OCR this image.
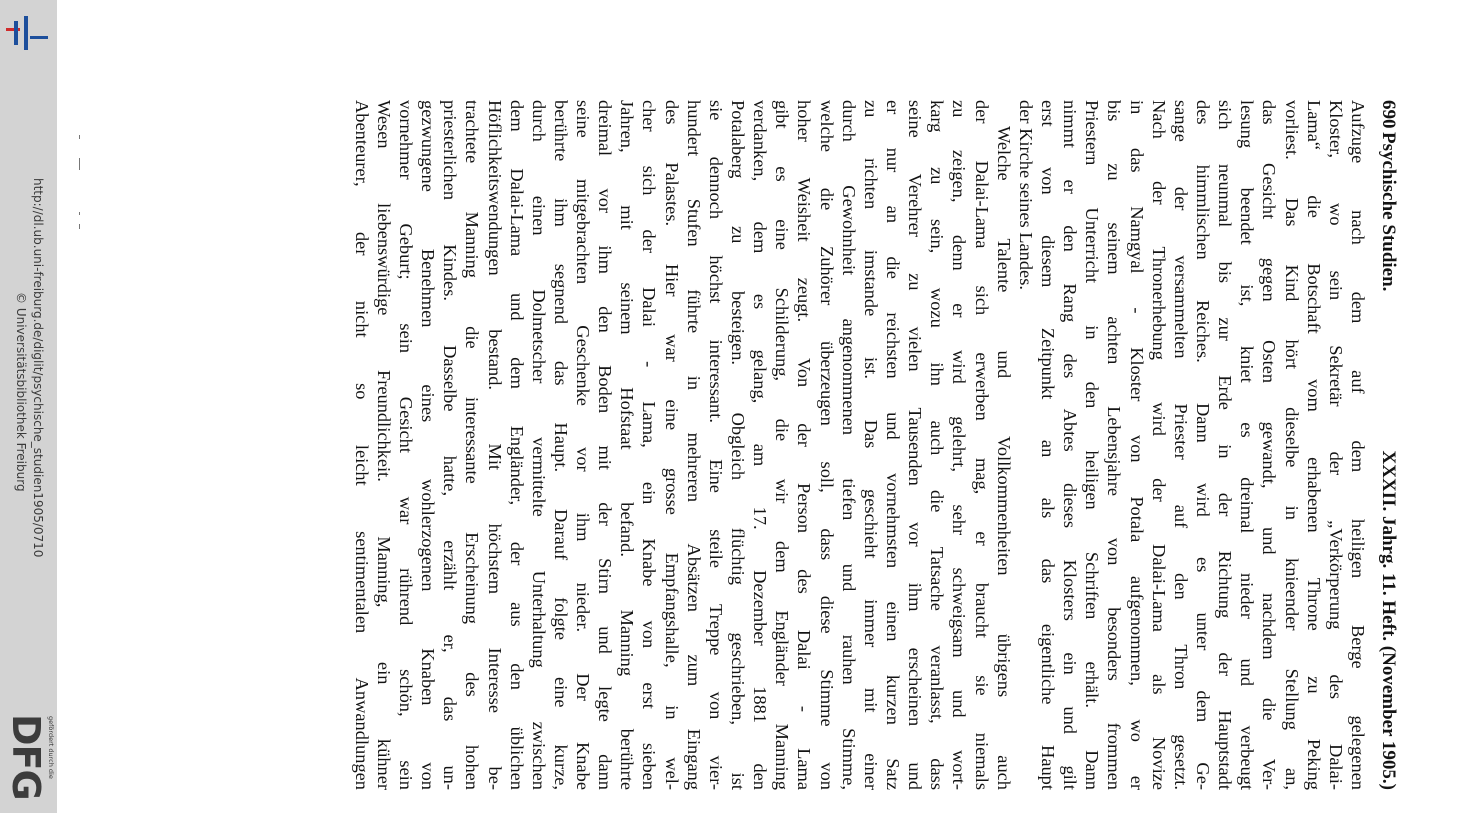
http://dl.ub.uni-freiburg.de/diglit/psychische_studien1905/0710
© Universitätsbibliothek Freiburg
gefördert durch die
DFG
690
Psychische Studien.
XXXII. Jahrg. 11. Heft. (November 1905.)
Aufzuge nach dem auf dem heiligen Berge gelegenen
Kloster, wo sein Sekretär der „Verkörperung des Dalai-
Lama“ die Botschaft vom erhabenen Throne zu Peking
vorliest. Das Kind hört dieselbe in knieender Stellung an,
das Gesicht gegen Osten gewandt, und nachdem die Ver-
lesung beendet ist, kniet es dreimal nieder und verbeugt
sich neunmal bis zur Erde in der Richtung der Hauptstadt
des himmlischen Reiches. Dann wird es unter dem Ge-
sange der versammelten Priester auf den Thron gesetzt.
Nach der Thronerhebung wird der Dalai-Lama als Novize
in das Namgyal - Kloster von Potala aufgenommen, wo er
bis zu seinem achten Lebensjahre von besonders frommen
Priestern Unterricht in den heiligen Schriften erhält. Dann
nimmt er den Rang des Abtes dieses Klosters ein und gilt
erst von diesem Zeitpunkt an als das eigentliche Haupt
der Kirche seines Landes.
Welche Talente und Vollkommenheiten übrigens auch
der Dalai-Lama sich erwerben mag, er braucht sie niemals
zu zeigen, denn er wird gelehrt, sehr schweigsam und wort-
karg zu sein, wozu ihn auch die Tatsache veranlasst, dass
seine Verehrer zu vielen Tausenden vor ihm erscheinen und
er nur an die reichsten und vornehmsten einen kurzen Satz
zu richten imstande ist. Das geschieht immer mit einer
durch Gewohnheit angenommenen tiefen und rauhen Stimme,
welche die Zuhörer überzeugen soll, dass diese Stimme von
hoher Weisheit zeugt. Von der Person des Dalai - Lama
gibt es eine Schilderung, die wir dem Engländer Manning
verdanken, dem es gelang, am 17. Dezember 1881 den
Potalaberg zu besteigen. Obgleich flüchtig geschrieben, ist
sie dennoch höchst interessant. Eine steile Treppe von vier-
hundert Stufen führte in mehreren Absätzen zum Eingang
des Palastes. Hier war eine grosse Empfangshalle, in wel-
cher sich der Dalai - Lama, ein Knabe von erst sieben
Jahren, mit seinem Hofstaat befand. Manning berührte
dreimal vor ihm den Boden mit der Stirn und legte dann
seine mitgebrachten Geschenke vor ihm nieder. Der Knabe
berührte ihm segnend das Haupt. Darauf folgte eine kurze,
durch einen Dolmetscher vermittelte Unterhaltung zwischen
dem Dalai-Lama und dem Engländer, der aus den üblichen
Höflichkeitswendungen bestand. Mit höchstem Interesse be-
trachtete Manning die interessante Erscheinung des hohen
priesterlichen Kindes. Dasselbe hatte, erzählt er, das un-
gezwungene Benehmen eines wohlerzogenen Knaben von
vornehmer Geburt; sein Gesicht war rührend schön, sein
Wesen liebenswürdige Freundlichkeit. Manning, ein kühner
Abenteurer, der nicht so leicht sentimentalen Anwandlungen
